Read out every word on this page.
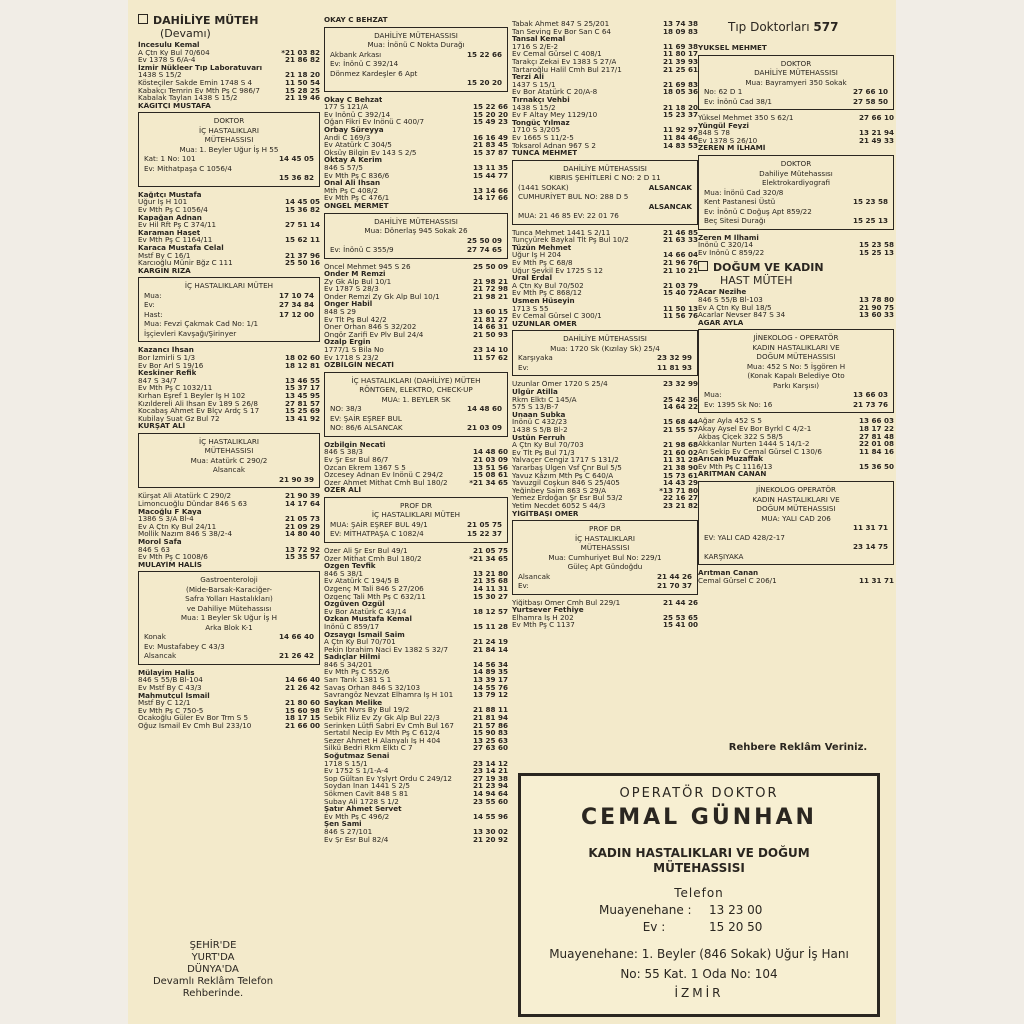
DAHİLİYE MÜTEH
(Devamı)
İncesulu Kemal
A Çtn Ky Bul 70/604	*21 03 82
Ev 1378 S 6/A-4	21 86 82
İzmir Nükleer Tıp Laboratuvarı
1438 S 15/2	21 18 20
Kösteçiler Sakde Emin 1748 S 4	11 50 54
Kabakçı Temrin Ev Mth Pş C 986/7	15 28 25
Kabalak Taylan 1438 S 15/2	21 19 46
KÂĞITÇI MUSTAFA
DOKTOR
İÇ HASTALIKLARI
MÜTEHASSISI
Mua: 1. Beyler Uğur İş H 55
Kat: 1 No: 101	14 45 05
Ev: Mithatpaşa C 1056/4
15 36 82
Kağıtçı Mustafa
Uğur İş H 101	14 45 05
Ev Mth Pş C 1056/4	15 36 82
Kapağan Adnan
Ev Hil Rft Pş C 374/11	27 51 14
Karaman Haşet
Ev Mth Pş C 1164/11	15 62 11
Karaca Mustafa Celal
Mstf By C 16/1	21 37 96
Karcıoğlu Münir Bğz C 111	25 50 16
KARGIN RIZA
İÇ HASTALIKLARI MÜTEH
Mua:	17 10 74
Ev:	27 34 84
Hast:	17 12 00
Mua: Fevzi Çakmak Cad No: 1/1
İşçievleri Kavşağı/Şirinyer
Kazancı İhsan
Bor İzmirli S 1/3	18 02 60
Ev Bor Arl S 19/16	18 12 81
Keskiner Refik
847 S 34/7	13 46 55
Ev Mth Pş C 1032/11	15 37 17
Kırhan Eşref 1 Beyler İş H 102	13 45 95
Kızıldereli Ali İhsan Ev 189 S 26/8	27 81 57
Kocabaş Ahmet Ev Blçv Ardç S 17	15 25 69
Kubilay Suat Gz Bul 72	13 41 92
KÜRŞAT ALİ
İÇ HASTALIKLARI
MÜTEHASSISI
Mua: Atatürk C 290/2
Alsancak
21 90 39
Kürşat Ali Atatürk C 290/2	21 90 39
Limoncuoğlu Dündar 846 S 63	14 17 64
Macoğlu F Kaya
1386 S 3/A Bl-4	21 05 73
Ev A Çtn Ky Bul 24/11	21 09 29
Mollik Nazım 846 S 38/2-4	14 80 40
Morol Safa
846 S 63	13 72 92
Ev Mth Pş C 1008/6	15 35 57
MÜLAYİM HALİS
Gastroenteroloji
(Mide-Barsak-Karaciğer-
Safra Yolları Hastalıkları)
ve Dahiliye Mütehassısı
Mua: 1 Beyler Sk Uğur İş H
Arka Blok K-1
Konak	14 66 40
Ev: Mustafabey C 43/3
Alsancak	21 26 42
Mülayim Halis
846 S 55/B Bl-104	14 66 40
Ev Mstf By C 43/3	21 26 42
Mahmutçul İsmail
Mstf By C 12/1	21 80 60
Ev Mth Pş C 750-5	15 60 98
Ocakoğlu Güler Ev Bor Trm S 5	18 17 15
Oğuz İsmail Ev Cmh Bul 233/10	21 66 00
OKAY C BEHZAT
DAHİLİYE MÜTEHASSISI
Mua: İnönü C Nokta Durağı
Akbank Arkası	15 22 66
Ev: İnönü C 392/14
Dönmez Kardeşler 6 Apt
15 20 20
Okay C Behzat
177 S 121/A	15 22 66
Ev İnönü C 392/14	15 20 20
Oğan Fikri Ev İnönü C 400/7	15 49 23
Orbay Süreyya
Andi C 169/3	16 16 49
Ev Atatürk C 304/5	21 83 45
Öksüy Bilgin Ev 143 S 2/5	15 37 87
Öktay A Kerim
846 S 57/5	13 11 35
Ev Mth Pş C 836/6	15 44 77
Önal Ali İhsan
Mth Pş C 408/2	13 14 66
Ev Mth Pş C 476/1	14 17 66
ÖNGEL MERMET
DAHİLİYE MÜTEHASSISI
Mua: Dönerlaş 945 Sokak 26
25 50 09
Ev: İnönü C 355/9	27 74 65
Öncel Mehmet 945 S 26	25 50 09
Önder M Remzi
Zy Gk Alp Bul 10/1	21 98 21
Ev 1787 S 28/3	21 72 98
Önder Remzi Zy Gk Alp Bul 10/1	21 98 21
Önger Habil
848 S 29	13 60 15
Ev Tlt Pş Bul 42/2	21 81 27
Öner Orhan 846 S 32/202	14 66 31
Öngör Zarifi Ev Plv Bul 24/4	21 50 93
Özalp Ergin
1777/1 S Bila No	23 14 10
Ev 1718 S 23/2	11 57 62
ÖZBİLGİN NECATİ
İÇ HASTALIKLARI (DAHİLİYE) MÜTEH
RÖNTGEN, ELEKTRO, CHECK-UP
MUA: 1. BEYLER SK
NO: 38/3	14 48 60
EV: ŞAİR EŞREF BUL
NO: 86/6 ALSANCAK	21 03 09
Özbilgin Necati
846 S 38/3	14 48 60
Ev Şr Esr Bul 86/7	21 03 09
Özcan Ekrem 1367 S 5	13 51 56
Özcesey Adnan Ev İnönü C 294/2	15 08 61
Özer Ahmet Mithat Cmh Bul 180/2	*21 34 65
ÖZER ALİ
PROF DR
İÇ HASTALIKLARI MÜTEH
MUA: ŞAİR EŞREF BUL 49/1	21 05 75
EV: MİTHATPAŞA C 1082/4	15 22 37
Özer Ali Şr Esr Bul 49/1	21 05 75
Özer Mithat Cmh Bul 180/2	*21 34 65
Özgen Tevfik
846 S 38/1	13 21 80
Ev Atatürk C 194/5 B	21 35 68
Özgenç M Tali 846 S 27/206	14 11 31
Özgenç Tali Mth Pş C 632/11	15 30 27
Özgüven Özgül
Ev Bor Atatürk C 43/14	18 12 57
Özkan Mustafa Kemal
İnönü C 859/17	15 11 28
Özsaygı İsmail Saim
A Çtn Ky Bul 70/701	21 24 19
Pekin İbrahim Naci Ev 1382 S 32/7	21 84 14
Sadıçlar Hilmi
846 S 34/201	14 56 34
Ev Mth Pş C 552/6	14 89 35
Sarı Tarık 1381 S 1	13 39 17
Savaş Orhan 846 S 32/103	14 55 76
Savrangöz Nevzat Elhamra İş H 101	13 79 12
Saykan Melike
Ev Şht Nvrs By Bul 19/2	21 88 11
Sebik Filiz Ev Zy Gk Alp Bul 22/3	21 81 94
Serinken Lütfi Sabri Ev Cmh Bul 167	21 57 86
Sertatıl Necip Ev Mth Pş C 612/4	15 90 83
Sezer Ahmet H Alanyalı İş H 404	13 25 63
Silkü Bedri Rkm Elktı C 7	27 63 60
Soğutmaz Senai
1718 S 15/1	23 14 12
Ev 1752 S 1/1-A-4	23 14 21
Sop Gültan Ev Yşlyrt Ordu C 249/12	27 19 38
Soydan İnan 1441 S 2/5	21 23 94
Sökmen Cavit 848 S 81	14 94 64
Subay Ali 1728 S 1/2	23 55 60
Şatır Ahmet Servet
Ev Mth Pş C 496/2	14 55 96
Şen Sami
846 S 27/101	13 30 02
Ev Şr Esr Bul 82/4	21 20 92
Tabak Ahmet 847 S 25/201	13 74 38
Tan Seving Ev Bor San C 64	18 09 83
Tansal Kemal
1716 S 2/E-2	11 69 38
Ev Cemal Gürsel C 408/1	11 80 17
Tarakçı Zekai Ev 1383 S 27/A	21 39 93
Tartaroğlu Halil Cmh Bul 217/1	21 25 61
Terzi Ali
1437 S 15/1	21 69 83
Ev Bor Atatürk C 20/A-8	18 05 36
Tırnakçı Vehbi
1438 S 15/2	21 18 20
Ev F Altay Mey 1129/10	15 23 37
Tongüç Yılmaz
1710 S 3/205	11 92 97
Ev 1665 S 11/2-5	11 84 46
Toksarol Adnan 967 S 2	14 83 53
TUNCA MEHMET
DAHİLİYE MÜTEHASSISI
KIBRIS ŞEHİTLERİ C NO: 2 D 11
(1441 SOKAK)	ALSANCAK
CUMHURİYET BUL NO: 288 D 5
ALSANCAK
MUA: 21 46 85 EV: 22 01 76
Tunca Mehmet 1441 S 2/11	21 46 85
Tunçyürek Baykal Tlt Pş Bul 10/2	21 63 33
Tüzün Mehmet
Uğur İş H 204	14 66 04
Ev Mth Pş C 68/8	21 96 76
Uğur Şevkil Ev 1725 S 12	21 10 21
Ural Erdal
A Çtn Ky Bul 70/502	21 03 79
Ev Mth Pş C 868/12	15 40 72
Usmen Hüseyin
1713 S 55	11 50 13
Ev Cemal Gürsel C 300/1	11 56 76
UZUNLAR ÖMER
DAHİLİYE MÜTEHASSISI
Mua: 1720 Sk (Kızılay Sk) 25/4
Karşıyaka	23 32 99
Ev:	11 81 93
Uzunlar Ömer 1720 S 25/4	23 32 99
Ülgür Atilla
Rkm Elktı C 145/A	25 42 36
575 S 13/B-7	14 64 22
Ünaan Subka
İnönü C 432/23	15 68 44
1438 S 5/B Bl-2	21 55 57
Üstün Ferruh
A Çtn Ky Bul 70/703	21 98 68
Ev Tlt Pş Bul 71/3	21 60 02
Yalvaçer Cengiz 1717 S 131/2	11 31 28
Yararbaş Ülgen Vsf Çnr Bul 5/5	21 38 90
Yavuz Kâzım Mth Pş C 640/A	15 73 61
Yavuzgil Coşkun 846 S 25/405	14 43 29
Yeğinbey Saim 863 S 29/A	*13 71 80
Yemez Erdoğan Şr Esr Bul 53/2	22 16 27
Yetim Necdet 6052 S 44/3	23 21 82
YİĞİTBAŞI ÖMER
PROF DR
İÇ HASTALIKLARI
MÜTEHASSISI
Mua: Cumhuriyet Bul No: 229/1
Güleç Apt Gündoğdu
Alsancak	21 44 26
Ev:	21 70 37
Yiğitbaşı Ömer Cmh Bul 229/1	21 44 26
Yurtsever Fethiye
Elhamra İş H 202	25 53 65
Ev Mth Pş C 1137	15 41 00
YÜKSEL MEHMET
DOKTOR
DAHİLİYE MÜTEHASSISI
Mua: Bayramyeri 350 Sokak
No: 62 D 1	27 66 10
Ev: İnönü Cad 38/1	27 58 50
Yüksel Mehmet 350 S 62/1	27 66 10
Yüngül Feyzi
848 S 78	13 21 94
Ev 1378 S 26/10	21 49 33
ZEREN M İLHAMİ
DOKTOR
Dahiliye Mütehassısı
Elektrokardiyografi
Mua: İnönü Cad 320/8
Kent Pastanesi Üstü	15 23 58
Ev: İnönü C Doğuş Apt 859/22
Beç Sitesi Durağı	15 25 13
Zeren M İlhami
İnönü C 320/14	15 23 58
Ev İnönü C 859/22	15 25 13
DOĞUM VE KADIN
HAST MÜTEH
Acar Nezihe
846 S 55/B Bl-103	13 78 80
Ev A Çtn Ky Bul 18/5	21 90 75
Acarlar Nevser 847 S 34	13 60 33
AĞAR AYLA
JİNEKOLOG - OPERATÖR
KADIN HASTALIKLARI VE
DOĞUM MÜTEHASSISI
Mua: 452 S No: 5 İşgören H
(Konak Kapalı Belediye Oto
Parkı Karşısı)
Mua:	13 66 03
Ev: 1395 Sk No: 16	21 73 76
Ağar Ayla 452 S 5	13 66 03
Akay Aysel Ev Bor Byrkl C 4/2-1	18 17 22
Akbaş Çiçek 322 S 58/5	27 81 48
Akkanlar Nurten 1444 S 14/1-2	22 01 08
Arı Şekip Ev Cemal Gürsel C 130/6	11 84 16
Arıcan Muzaffak
Ev Mth Pş C 1116/13	15 36 50
ARITMAN CANAN
JİNEKOLOG OPERATÖR
KADIN HASTALIKLARI VE
DOĞUM MÜTEHASSISI
MUA: YALI CAD 206
11 31 71
EV: YALI CAD 428/2-17
23 14 75
KARŞIYAKA
Arıtman Canan
Cemal Gürsel C 206/1	11 31 71
Tıp Doktorları 577
Rehbere Reklâm Veriniz.
OPERATÖR DOKTOR
CEMAL GÜNHAN
KADIN HASTALIKLARI VE DOĞUM
MÜTEHASSISI
Telefon
Muayenehane :	13 23 00
Ev :	15 20 50
Muayenehane: 1. Beyler (846 Sokak) Uğur İş Hanı
No: 55 Kat. 1 Oda No: 104
İZMİR
ŞEHİR'DE
YURT'DA
DÜNYA'DA
Devamlı Reklâm Telefon
Rehberinde.
